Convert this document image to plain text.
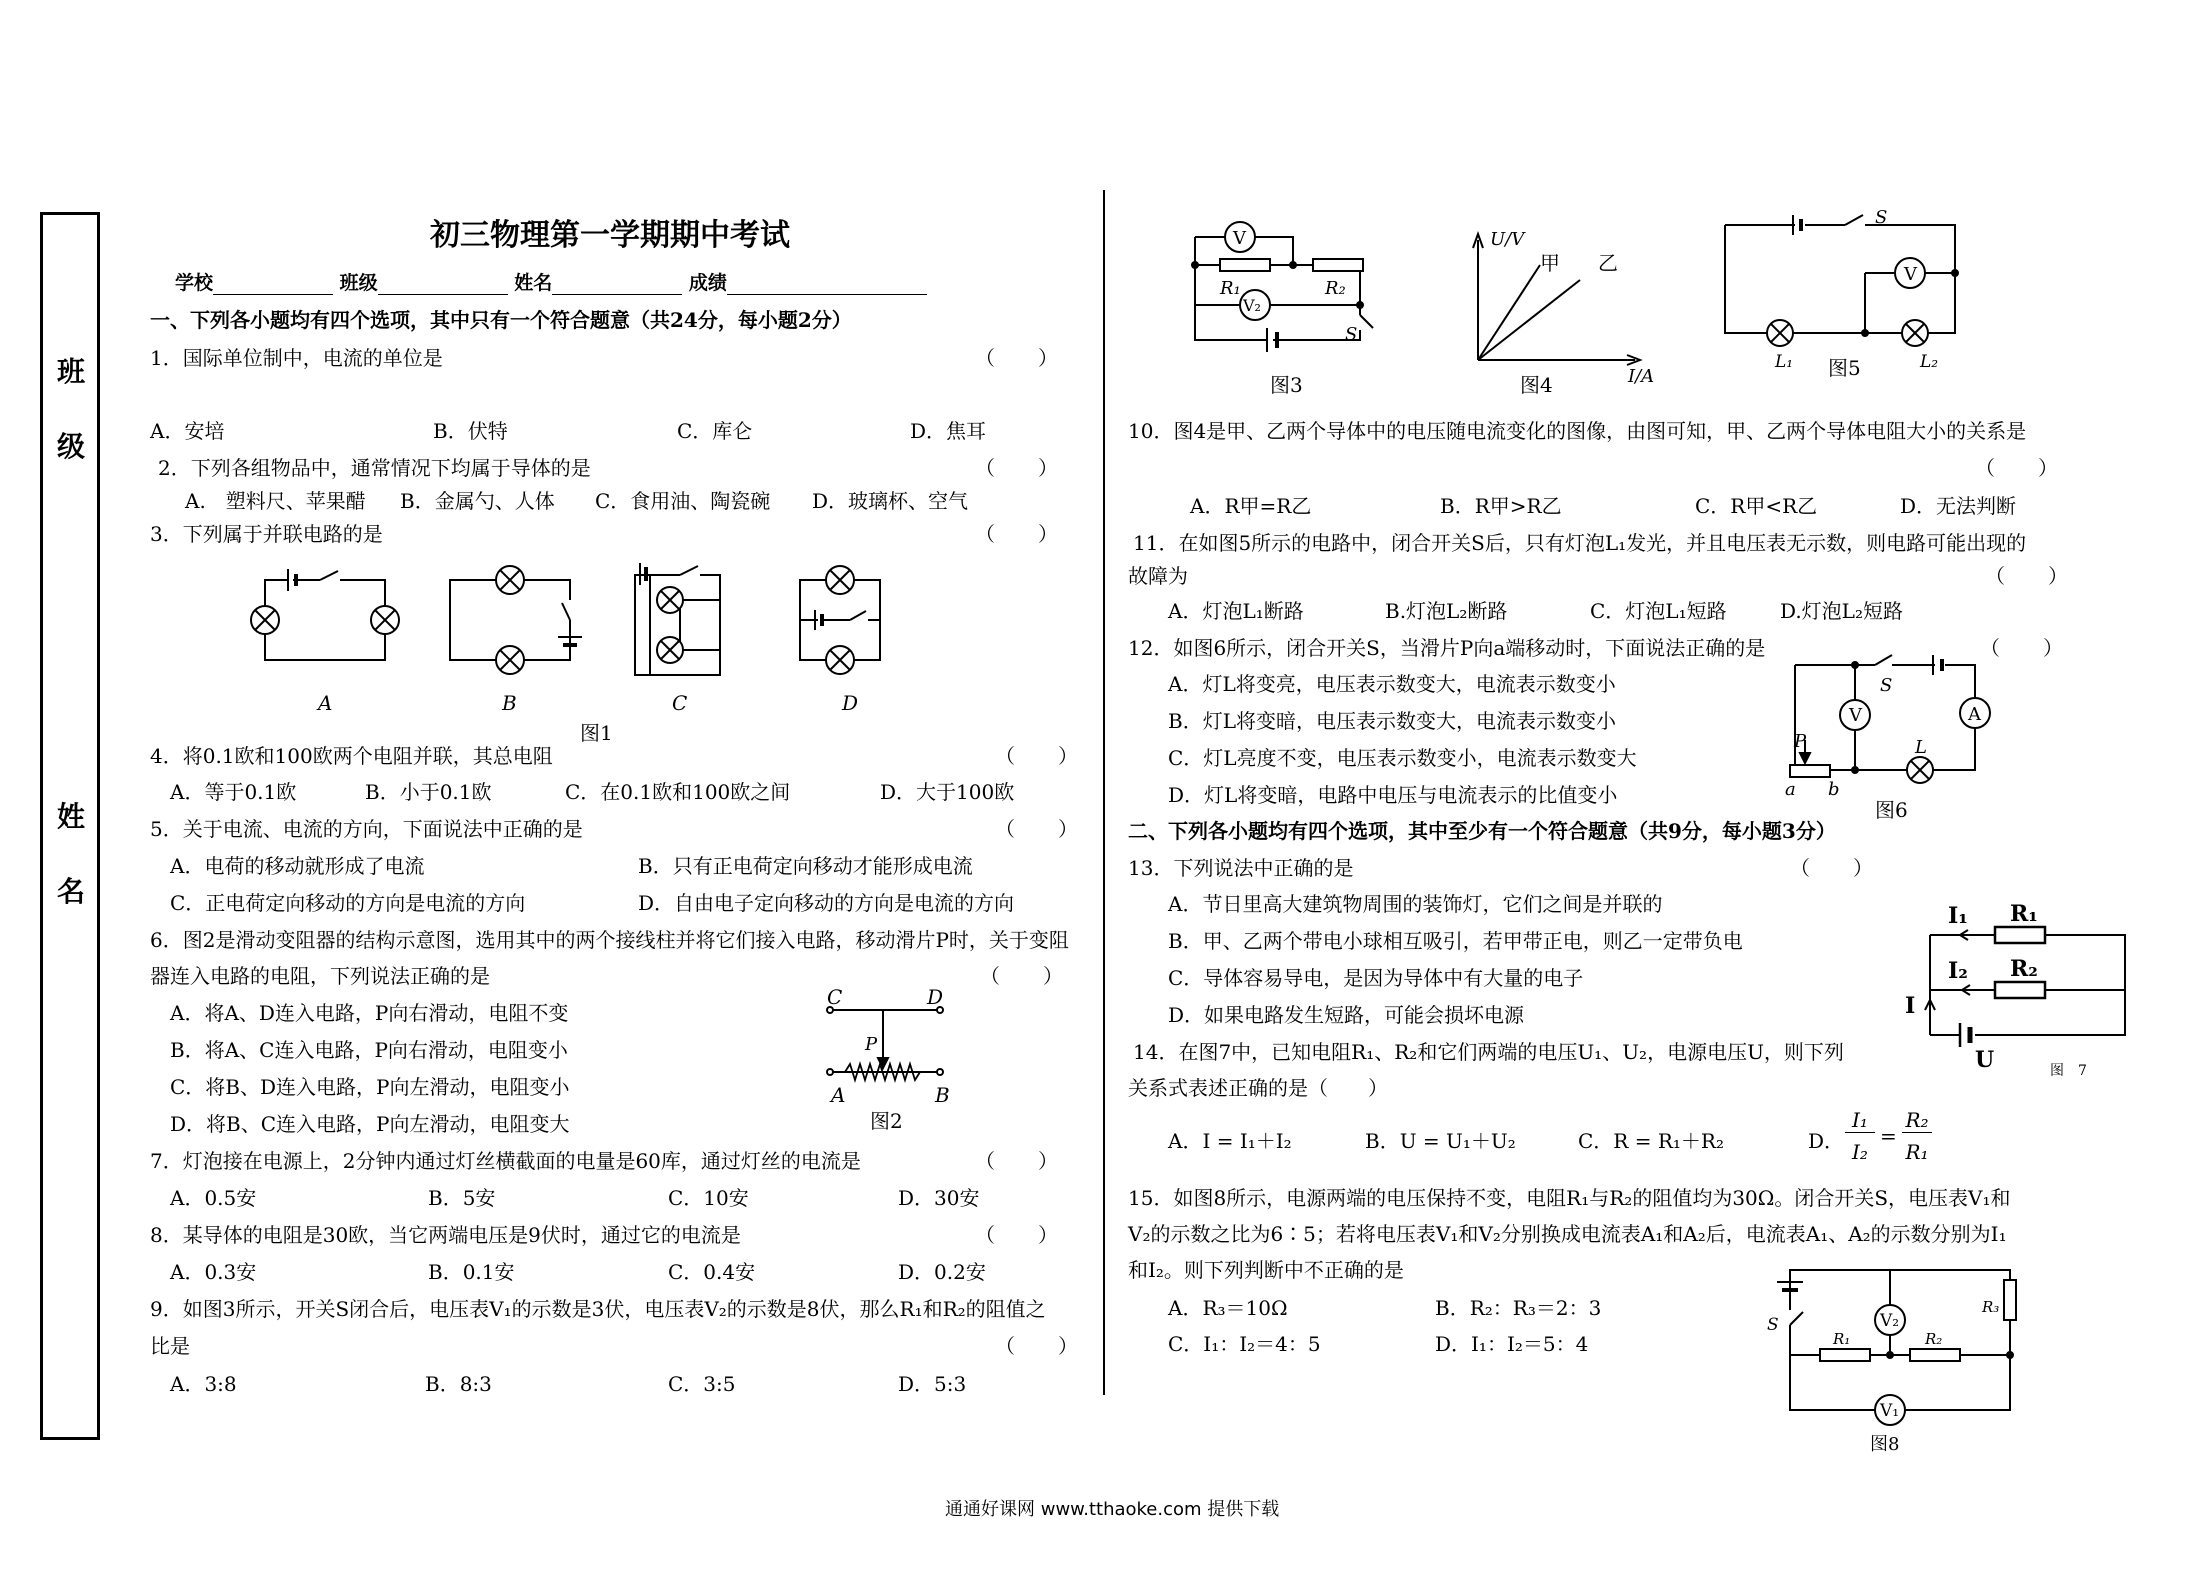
班
级
姓
名
初三物理第一学期期中考试
学校	班级	姓名	成绩
一、下列各小题均有四个选项，其中只有一个符合题意（共24分，每小题2分）
1．国际单位制中，电流的单位是	（　　）
A．安培	B．伏特	C．库仑	D．焦耳
2．下列各组物品中，通常情况下均属于导体的是	（　　）
A.　塑料尺、苹果醋 B．金属勺、人体 C．食用油、陶瓷碗 D．玻璃杯、空气
3．下列属于并联电路的是	（　　）
A	B	C	D
图1
4．将0.1欧和100欧两个电阻并联，其总电阻	（　　）
A．等于0.1欧	B．小于0.1欧	C．在0.1欧和100欧之间	D．大于100欧
5．关于电流、电流的方向，下面说法中正确的是	（　　）
A．电荷的移动就形成了电流	B．只有正电荷定向移动才能形成电流
C．正电荷定向移动的方向是电流的方向	D．自由电子定向移动的方向是电流的方向
6．图2是滑动变阻器的结构示意图，选用其中的两个接线柱并将它们接入电路，移动滑片P时，关于变阻
器连入电路的电阻，下列说法正确的是	（　　）
A．将A、D连入电路，P向右滑动，电阻不变
B．将A、C连入电路，P向右滑动，电阻变小
C．将B、D连入电路，P向左滑动，电阻变小
D．将B、C连入电路，P向左滑动，电阻变大
C	D
P
A	B
图2
7．灯泡接在电源上，2分钟内通过灯丝横截面的电量是60库，通过灯丝的电流是	（　　）
A．0.5安	B．5安	C．10安	D．30安
8．某导体的电阻是30欧，当它两端电压是9伏时，通过它的电流是	（　　）
A．0.3安	B．0.1安	C．0.4安	D．0.2安
9．如图3所示，开关S闭合后，电压表V₁的示数是3伏，电压表V₂的示数是8伏，那么R₁和R₂的阻值之
比是	（　　）
A．3:8	B．8:3	C．3:5	D．5:3
V
R₁	R₂
V₂
S
图3
U/V
甲 乙
I/A
图4
S
V
L₁	L₂
图5
10．图4是甲、乙两个导体中的电压随电流变化的图像，由图可知，甲、乙两个导体电阻大小的关系是
（　　）
A．R甲=R乙	B．R甲>R乙	C．R甲<R乙	D．无法判断
11．在如图5所示的电路中，闭合开关S后，只有灯泡L₁发光，并且电压表无示数，则电路可能出现的
故障为	（　　）
A．灯泡L₁断路	B.灯泡L₂断路	C．灯泡L₁短路	D.灯泡L₂短路
12．如图6所示，闭合开关S，当滑片P向a端移动时，下面说法正确的是	（　　）
A．灯L将变亮，电压表示数变大，电流表示数变小
B．灯L将变暗，电压表示数变大，电流表示数变小
C．灯L亮度不变，电压表示数变小，电流表示数变大
D．灯L将变暗，电路中电压与电流表示的比值变小
S
V	A
P	L
a b
图6
二、下列各小题均有四个选项，其中至少有一个符合题意（共9分，每小题3分）
13．下列说法中正确的是	（　　）
A．节日里高大建筑物周围的装饰灯，它们之间是并联的
B．甲、乙两个带电小球相互吸引，若甲带正电，则乙一定带负电
C．导体容易导电，是因为导体中有大量的电子
D．如果电路发生短路，可能会损坏电源
I₁ R₁
I₂ R₂
I
U	图　7
14．在图7中，已知电阻R₁、R₂和它们两端的电压U₁、U₂，电源电压U，则下列
关系式表述正确的是（　　）
A．I = I₁＋I₂	B．U = U₁＋U₂	C．R = R₁＋R₂	D．
I₁
I₂
=
R₂
R₁
15．如图8所示，电源两端的电压保持不变，电阻R₁与R₂的阻值均为30Ω。闭合开关S，电压表V₁和
V₂的示数之比为6∶5；若将电压表V₁和V₂分别换成电流表A₁和A₂后，电流表A₁、A₂的示数分别为I₁
和I₂。则下列判断中不正确的是
A．R₃＝10Ω	B．R₂：R₃＝2：3
C．I₁：I₂＝4：5	D．I₁：I₂＝5：4
V₂
R₃
S
R₁	R₂
V₁
图8
通通好课网 www.tthaoke.com 提供下载
